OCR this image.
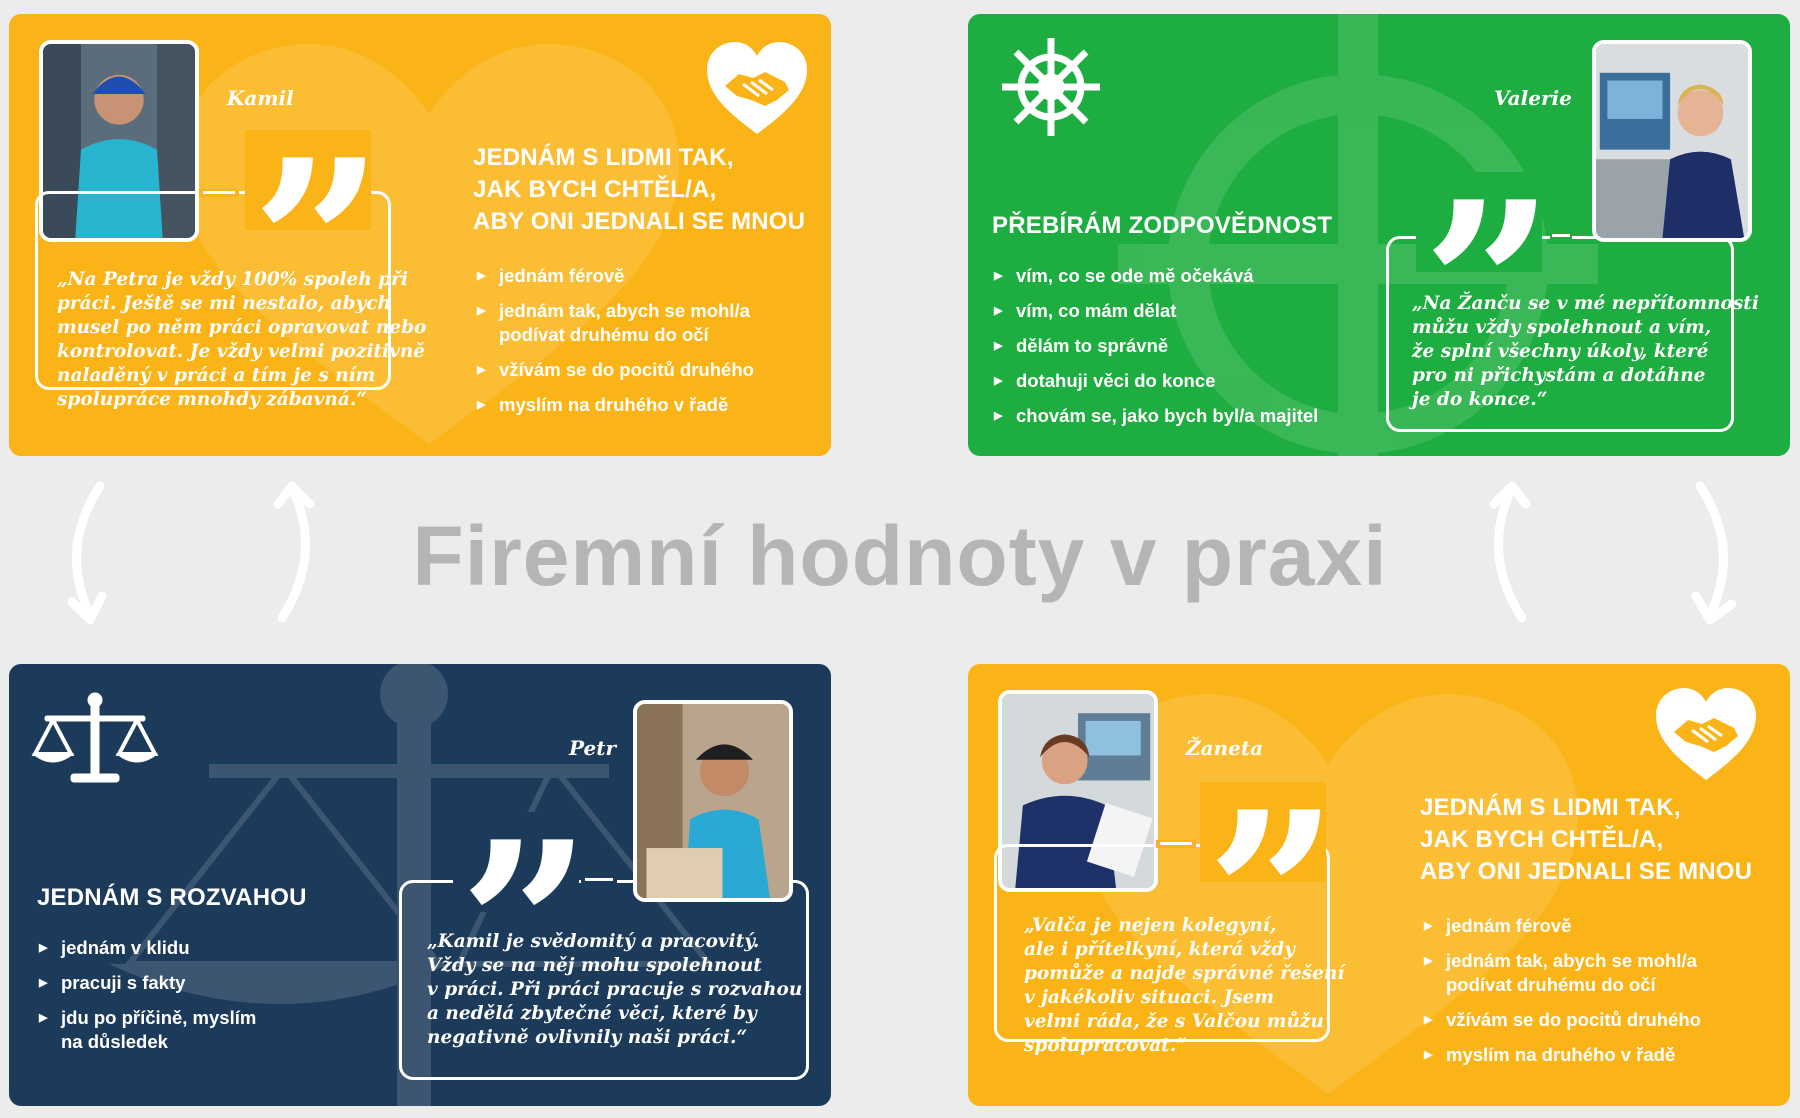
Kamil

„Na Petra je vždy 100% spoleh při
práci. Ještě se mi nestalo, abych
musel po něm práci opravovat nebo
kontrolovat. Je vždy velmi pozitivně
naladěný v práci a tím je s ním
spolupráce mnohdy zábavná.“

JEDNÁM S LIDMI TAK,
JAK BYCH CHTĚL/A,
ABY ONI JEDNALI SE MNOU
▶ jednám férově
▶ jednám tak, abych se mohl/a
podívat druhému do očí
▶ vžívám se do pocitů druhého
▶ myslím na druhého v řadě
PŘEBÍRÁM ZODPOVĚDNOST
▶ vím, co se ode mě očekává
▶ vím, co mám dělat
▶ dělám to správně
▶ dotahuji věci do konce
▶ chovám se, jako bych byl/a majitel

„Na Žanču se v mé nepřítomnosti
můžu vždy spolehnout a vím,
že splní všechny úkoly, které
pro ni přichystám a dotáhne
je do konce.“

Valerie
Firemní hodnoty v praxi
JEDNÁM S ROZVAHOU
▶ jednám v klidu
▶ pracuji s fakty
▶ jdu po příčině, myslím
na důsledek

„Kamil je svědomitý a pracovitý.
Vždy se na něj mohu spolehnout
v práci. Při práci pracuje s rozvahou
a nedělá zbytečné věci, které by
negativně ovlivnily naši práci.“

Petr	Žaneta

„Valča je nejen kolegyní,
ale i přítelkyní, která vždy
pomůže a najde správné řešení
v jakékoliv situaci. Jsem
velmi ráda, že s Valčou můžu
spolupracovat.“

JEDNÁM S LIDMI TAK,
JAK BYCH CHTĚL/A,
ABY ONI JEDNALI SE MNOU
▶ jednám férově
▶ jednám tak, abych se mohl/a
podívat druhému do očí
▶ vžívám se do pocitů druhého
▶ myslím na druhého v řadě
